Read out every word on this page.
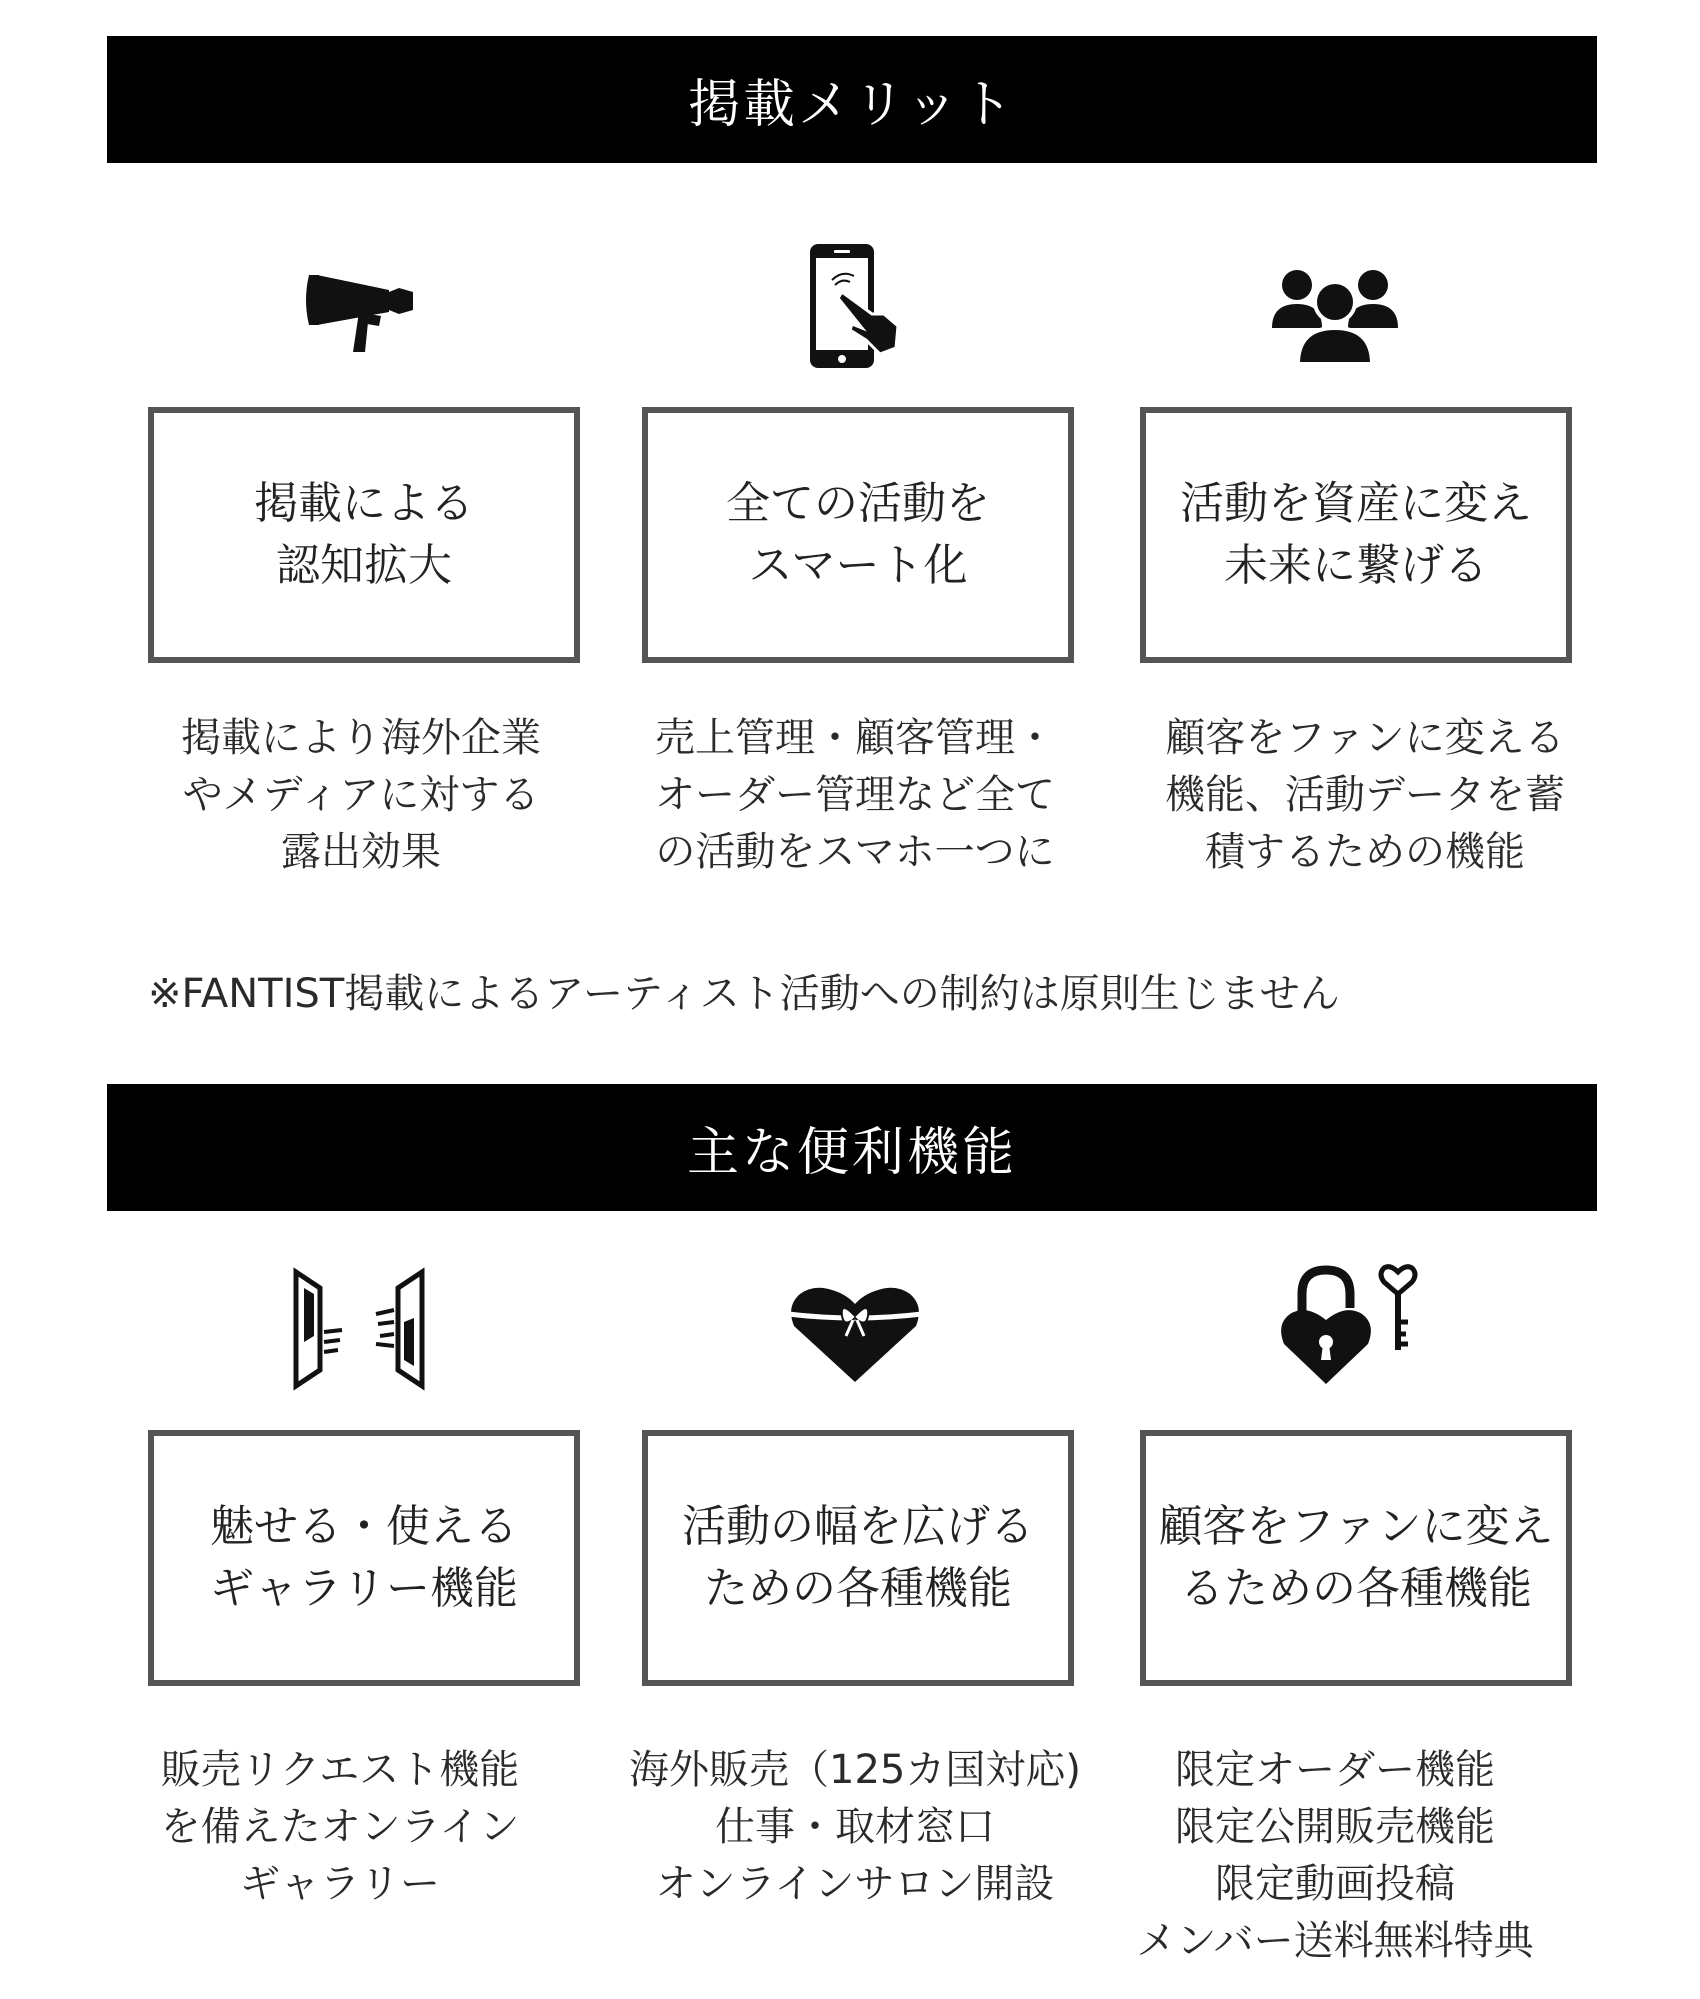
掲載メリット
掲載による
認知拡大
全ての活動を
スマート化
活動を資産に変え
未来に繋げる
掲載により海外企業
やメディアに対する
露出効果
売上管理・顧客管理・
オーダー管理など全て
の活動をスマホ一つに
顧客をファンに変える
機能、活動データを蓄
積するための機能
※FANTIST掲載によるアーティスト活動への制約は原則生じません
主な便利機能
魅せる・使える
ギャラリー機能
活動の幅を広げる
ための各種機能
顧客をファンに変え
るための各種機能
販売リクエスト機能
を備えたオンライン
ギャラリー
海外販売（125カ国対応)
仕事・取材窓口
オンラインサロン開設
限定オーダー機能
限定公開販売機能
限定動画投稿
メンバー送料無料特典
